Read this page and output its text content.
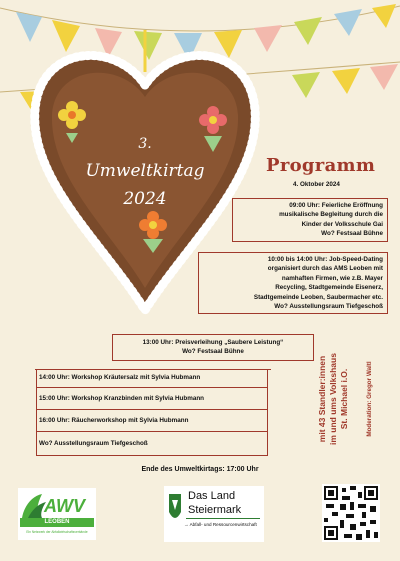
3.
Umweltkirtag
2024
Programm
4. Oktober 2024
09:00 Uhr: Feierliche Eröffnung
musikalische Begleitung durch die
Kinder der Volksschule Gai
Wo? Festsaal Bühne
10:00 bis 14:00 Uhr: Job-Speed-Dating
organisiert durch das AMS Leoben mit
namhaften Firmen, wie z.B. Mayer
Recycling, Stadtgemeinde Eisenerz,
Stadtgemeinde Leoben, Saubermacher etc.
Wo? Ausstellungsraum Tiefgeschoß
13:00 Uhr: Preisverleihung „Saubere Leistung“
Wo? Festsaal Bühne
14:00 Uhr: Workshop Kräutersalz mit Sylvia Hubmann
15:00 Uhr: Workshop Kranzbinden mit Sylvia Hubmann
16:00 Uhr: Räucherworkshop mit Sylvia Hubmann
Wo? Ausstellungsraum Tiefgeschoß
mit 43 Standler:innen im und ums Volkshaus St. Michael i.O.	Moderation: Gregor Waltl
Ende des Umweltkirtags: 17:00 Uhr
AWV
LEOBEN
Ein Netzwerk der Abfallwirtschaftsverbände
Das Land
Steiermark
→ Abfall- und Ressourcenwirtschaft
